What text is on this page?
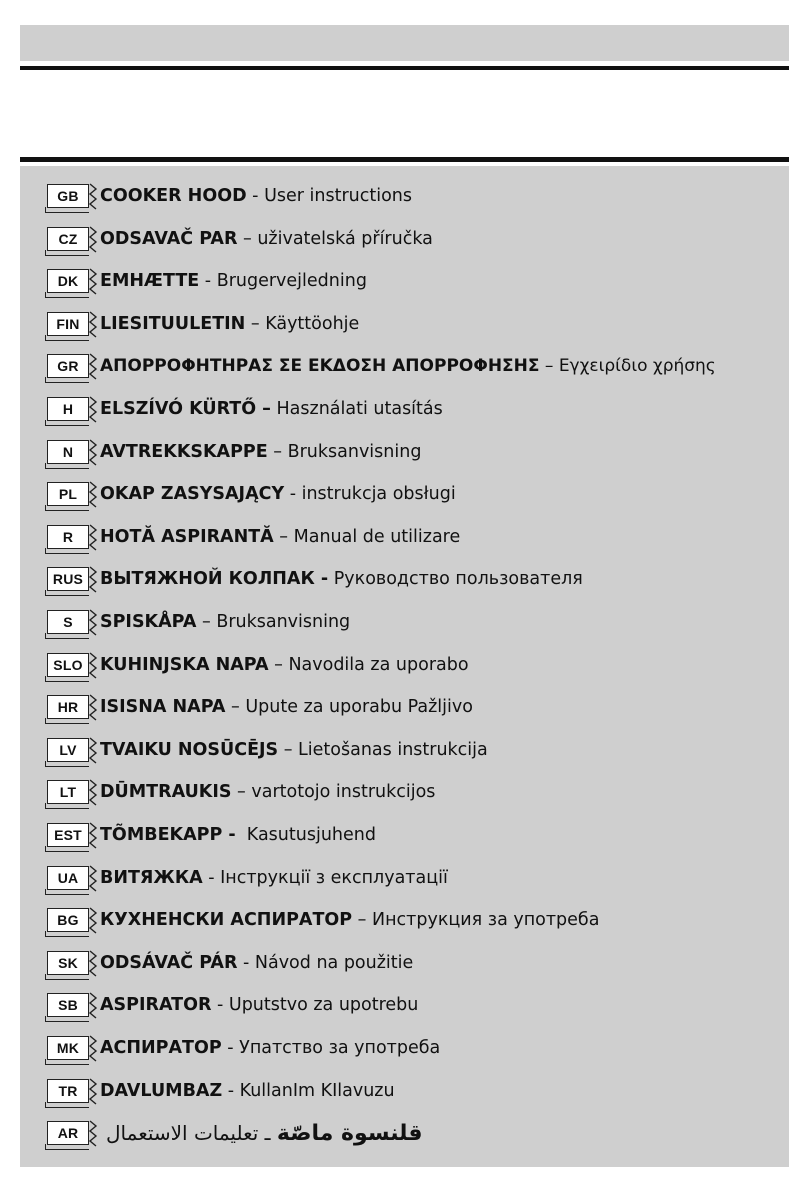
GB	COOKER HOOD - User instructions
CZ	ODSAVAČ PAR – uživatelská příručka
DK	EMHÆTTE - Brugervejledning
FIN	LIESITUULETIN – Käyttöohje
GR	ΑΠΟΡΡΟΦΗΤΗΡΑΣ ΣΕ ΕΚΔΟΣΗ ΑΠΟΡΡΟΦΗΣΗΣ – Εγχειρίδιο χρήσης
H	ELSZÍVÓ KÜRTŐ – Használati utasítás
N	AVTREKKSKAPPE – Bruksanvisning
PL	OKAP ZASYSAJĄCY - instrukcja obsługi
R	HOTĂ ASPIRANTĂ – Manual de utilizare
RUS ВЫТЯЖНОЙ КОЛПАК - Руководство пользователя
S	SPISKÅPA – Bruksanvisning
SLO KUHINJSKA NAPA – Navodila za uporabo
HR	ISISNA NAPA – Upute za uporabu Pažljivo
LV	TVAIKU NOSŪCĒJS – Lietošanas instrukcija
LT	DŪMTRAUKIS – vartotojo instrukcijos
EST	TÕMBEKAPP - Kasutusjuhend
UA	ВИТЯЖКА - Інструкції з експлуатації
BG	КУХНЕНСКИ АСПИРАТОР – Инструкция за употреба
SK	ODSÁVAČ PÁR - Návod na použitie
SB	ASPIRATOR - Uputstvo za upotrebu
MK	АСПИРАТОР - Упатство за употреба
TR	DAVLUMBAZ - KullanIm KIlavuzu
AR	قلنسوة ماصّة ـ تعليمات الاستعمال
